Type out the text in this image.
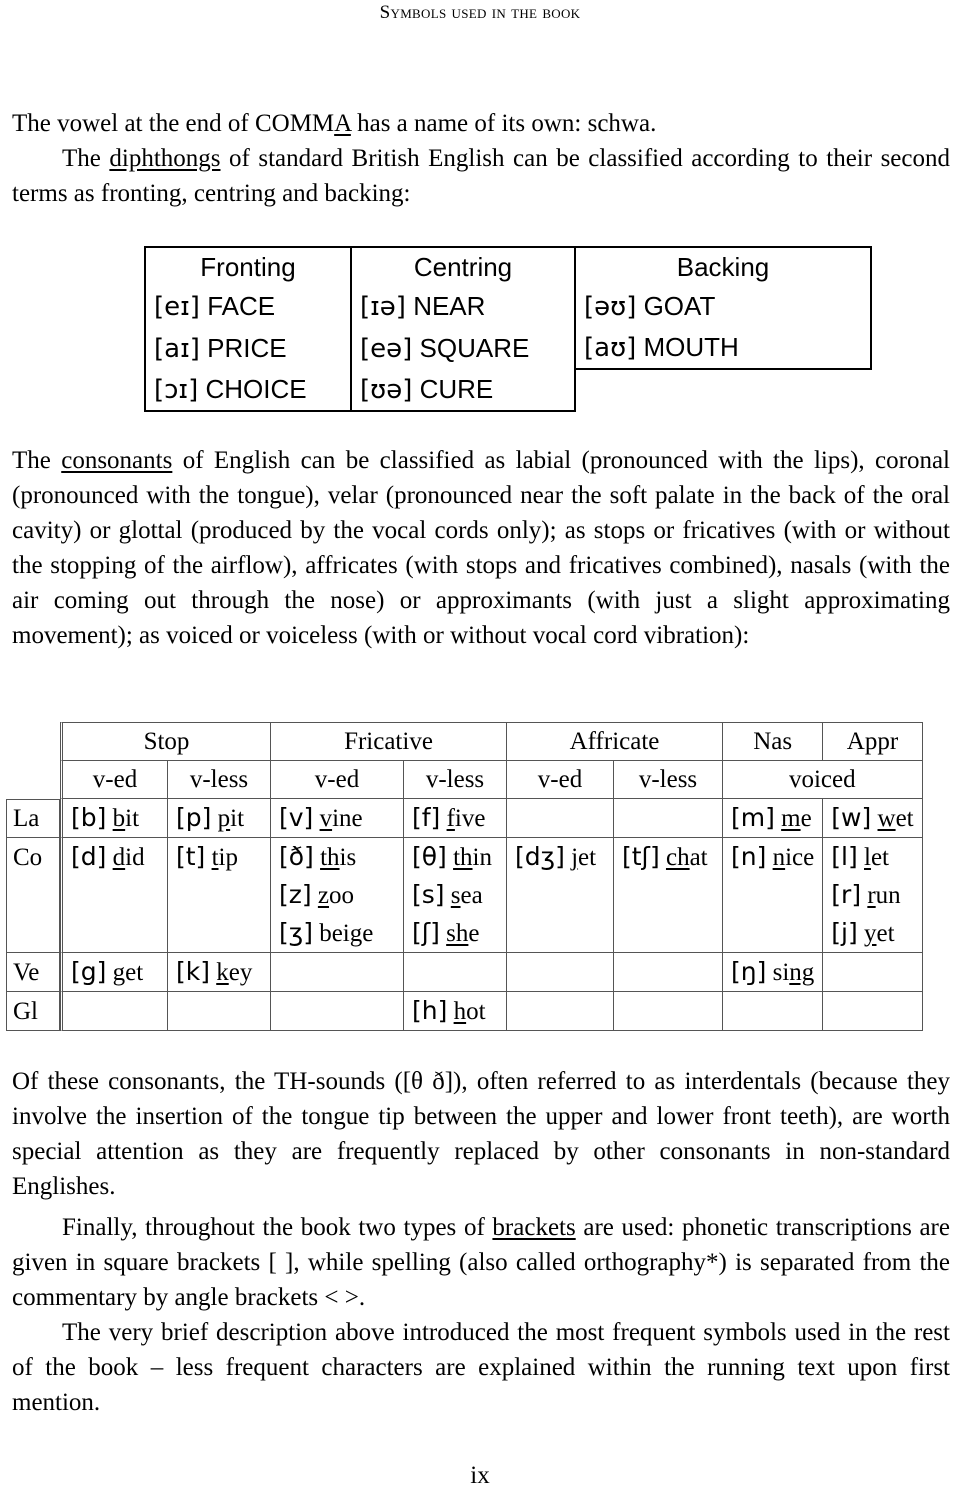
Symbols used in the book

The vowel at the end of COMMA has a name of its own: schwa.

The diphthongs of standard British English can be classified according to their second terms as fronting, centring and backing:

Fronting	Centring	Backing
[eɪ] FACE	[ɪə] NEAR	[əʊ] GOAT
[aɪ] PRICE	[eə] SQUARE	[aʊ] MOUTH
[ɔɪ] CHOICE	[ʊə] CURE	

The consonants of English can be classified as labial (pronounced with the lips), coronal (pronounced with the tongue), velar (pronounced near the soft palate in the back of the oral cavity) or glottal (produced by the vocal cords only); as stops or fricatives (with or without the stopping of the airflow), affricates (with stops and fricatives combined), nasals (with the air coming out through the nose) or approximants (with just a slight approximating movement); as voiced or voiceless (with or without vocal cord vibration):

	Stop		Fricative		Affricate		Nas	Appr
	v-ed	v-less	v-ed	v-less	v-ed	v-less	voiced	
La	[b] bit	[p] pit	[v] vine	[f] five			[m] me	[w] wet
Co	[d] did	[t] tip	[ð] this	[θ] thin	[dʒ] jet	[tʃ] chat	[n] nice	[l] let
			[z] zoo	[s] sea				[r] run
			[ʒ] beige	[ʃ] she				[j] yet
Ve	[g] get	[k] key					[ŋ] sing	
Gl				[h] hot				

Of these consonants, the TH-sounds ([θ ð]), often referred to as interdentals (because they involve the insertion of the tongue tip between the upper and lower front teeth), are worth special attention as they are frequently replaced by other consonants in non-standard Englishes.

Finally, throughout the book two types of brackets are used: phonetic transcriptions are given in square brackets [ ], while spelling (also called orthography*) is separated from the commentary by angle brackets < >.

The very brief description above introduced the most frequent symbols used in the rest of the book – less frequent characters are explained within the running text upon first mention.

ix
